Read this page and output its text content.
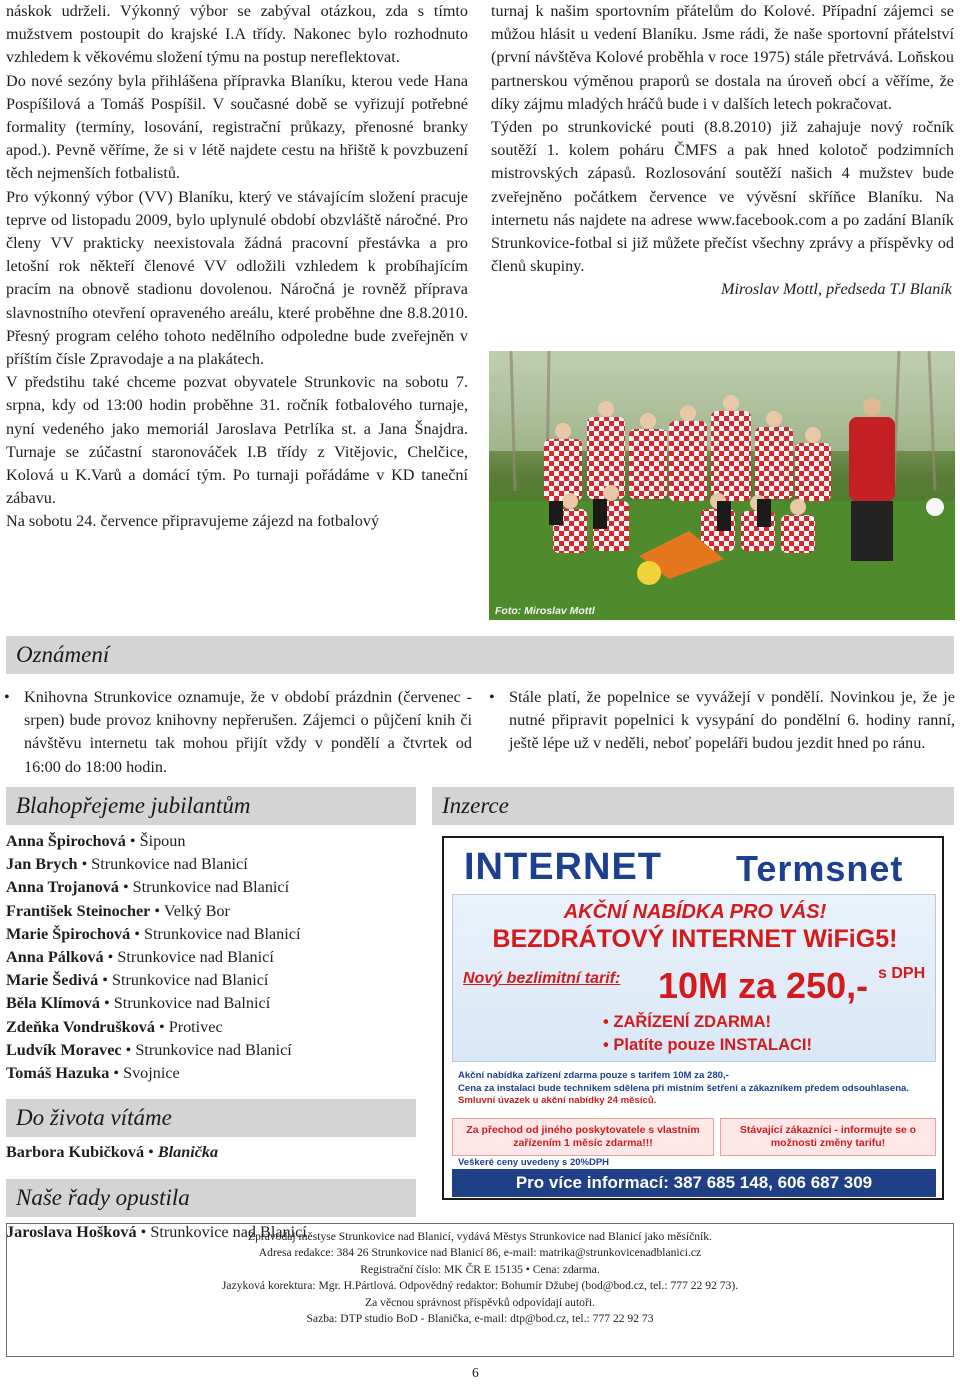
náskok udrželi. Výkonný výbor se zabýval otázkou, zda s tímto mužstvem postoupit do krajské I.A třídy. Nakonec bylo rozhodnuto vzhledem k věkovému složení týmu na postup nereflektovat.

Do nové sezóny byla přihlášena přípravka Blaníku, kterou vede Hana Pospíšilová a Tomáš Pospíšil. V současné době se vyřizují potřebné formality (termíny, losování, registrační průkazy, přenosné branky apod.). Pevně věříme, že si v létě najdete cestu na hřiště k povzbuzení těch nejmenších fotbalistů.

Pro výkonný výbor (VV) Blaníku, který ve stávajícím složení pracuje teprve od listopadu 2009, bylo uplynulé období obzvláště náročné. Pro členy VV prakticky neexistovala žádná pracovní přestávka a pro letošní rok někteří členové VV odložili vzhledem k probíhajícím pracím na obnově stadionu dovolenou. Náročná je rovněž příprava slavnostního otevření opraveného areálu, které proběhne dne 8.8.2010. Přesný program celého tohoto nedělního odpoledne bude zveřejněn v příštím čísle Zpravodaje a na plakátech.

V předstihu také chceme pozvat obyvatele Strunkovic na sobotu 7. srpna, kdy od 13:00 hodin proběhne 31. ročník fotbalového turnaje, nyní vedeného jako memoriál Jaroslava Petrlíka st. a Jana Šnajdra. Turnaje se zúčastní staronováček I.B třídy z Vitějovic, Chelčice, Kolová u K.Varů a domácí tým. Po turnaji pořádáme v KD taneční zábavu.

Na sobotu 24. července připravujeme zájezd na fotbalový

turnaj k našim sportovním přátelům do Kolové. Případní zájemci se můžou hlásit u vedení Blaníku. Jsme rádi, že naše sportovní přátelství (první návštěva Kolové proběhla v roce 1975) stále přetrvává. Loňskou partnerskou výměnou praporů se dostala na úroveň obcí a věříme, že díky zájmu mladých hráčů bude i v dalších letech pokračovat.

Týden po strunkovické pouti (8.8.2010) již zahajuje nový ročník soutěží 1. kolem poháru ČMFS a pak hned kolotoč podzimních mistrovských zápasů. Rozlosování soutěží našich 4 mužstev bude zveřejněno počátkem července ve vývěsní skříňce Blaníku. Na internetu nás najdete na adrese www.facebook.com a po zadání Blaník Strunkovice-fotbal si již můžete přečíst všechny zprávy a příspěvky od členů skupiny.

Miroslav Mottl, předseda TJ Blaník

Foto: Miroslav Mottl
Oznámení
• Knihovna Strunkovice oznamuje, že v období prázdnin (červenec - srpen) bude provoz knihovny nepřerušen. Zájemci o půjčení knih či návštěvu internetu tak mohou přijít vždy v pondělí a čtvrtek od 16:00 do 18:00 hodin.
• Stále platí, že popelnice se vyvážejí v pondělí. Novinkou je, že je nutné připravit popelnici k vysypání do pondělní 6. hodiny ranní, ještě lépe už v neděli, neboť popeláři budou jezdit hned po ránu.
Blahopřejeme jubilantům
Anna Špirochová • Šipoun
Jan Brych • Strunkovice nad Blanicí
Anna Trojanová • Strunkovice nad Blanicí
František Steinocher • Velký Bor
Marie Špirochová • Strunkovice nad Blanicí
Anna Pálková • Strunkovice nad Blanicí
Marie Šedivá • Strunkovice nad Blanicí
Běla Klímová • Strunkovice nad Balnicí
Zdeňka Vondrušková • Protivec
Ludvík Moravec • Strunkovice nad Blanicí
Tomáš Hazuka • Svojnice
Do života vítáme
Barbora Kubičková • Blanička
Naše řady opustila
Jaroslava Hošková • Strunkovice nad Blanicí
Inzerce
INTERNET Termsnet
AKČNÍ NABÍDKA PRO VÁS!
BEZDRÁTOVÝ INTERNET WiFiG5!
Nový bezlimitní tarif: 10M za 250,- s DPH
• ZAŘÍZENÍ ZDARMA!
• Platíte pouze INSTALACI!
Akční nabídka zařízení zdarma pouze s tarifem 10M za 280,-
Cena za instalaci bude technikem sdělena při místním šetření a zákazníkem předem odsouhlasena.
Smluvní úvazek u akční nabídky 24 měsíců.
Za přechod od jiného poskytovatele s vlastním zařízením 1 měsíc zdarma!!!
Stávající zákazníci - informujte se o možnosti změny tarifu!
Veškeré ceny uvedeny s 20%DPH
Pro více informací: 387 685 148, 606 687 309
Zpravodaj městyse Strunkovice nad Blanicí, vydává Městys Strunkovice nad Blanicí jako měsíčník.
Adresa redakce: 384 26 Strunkovice nad Blanicí 86, e-mail: matrika@strunkovicenadblanici.cz
Registrační číslo: MK ČR E 15135 • Cena: zdarma.
Jazyková korektura: Mgr. H.Pártlová. Odpovědný redaktor: Bohumír Džubej (bod@bod.cz, tel.: 777 22 92 73).
Za věcnou správnost příspěvků odpovídají autoři.
Sazba: DTP studio BoD - Blanička, e-mail: dtp@bod.cz, tel.: 777 22 92 73
6
